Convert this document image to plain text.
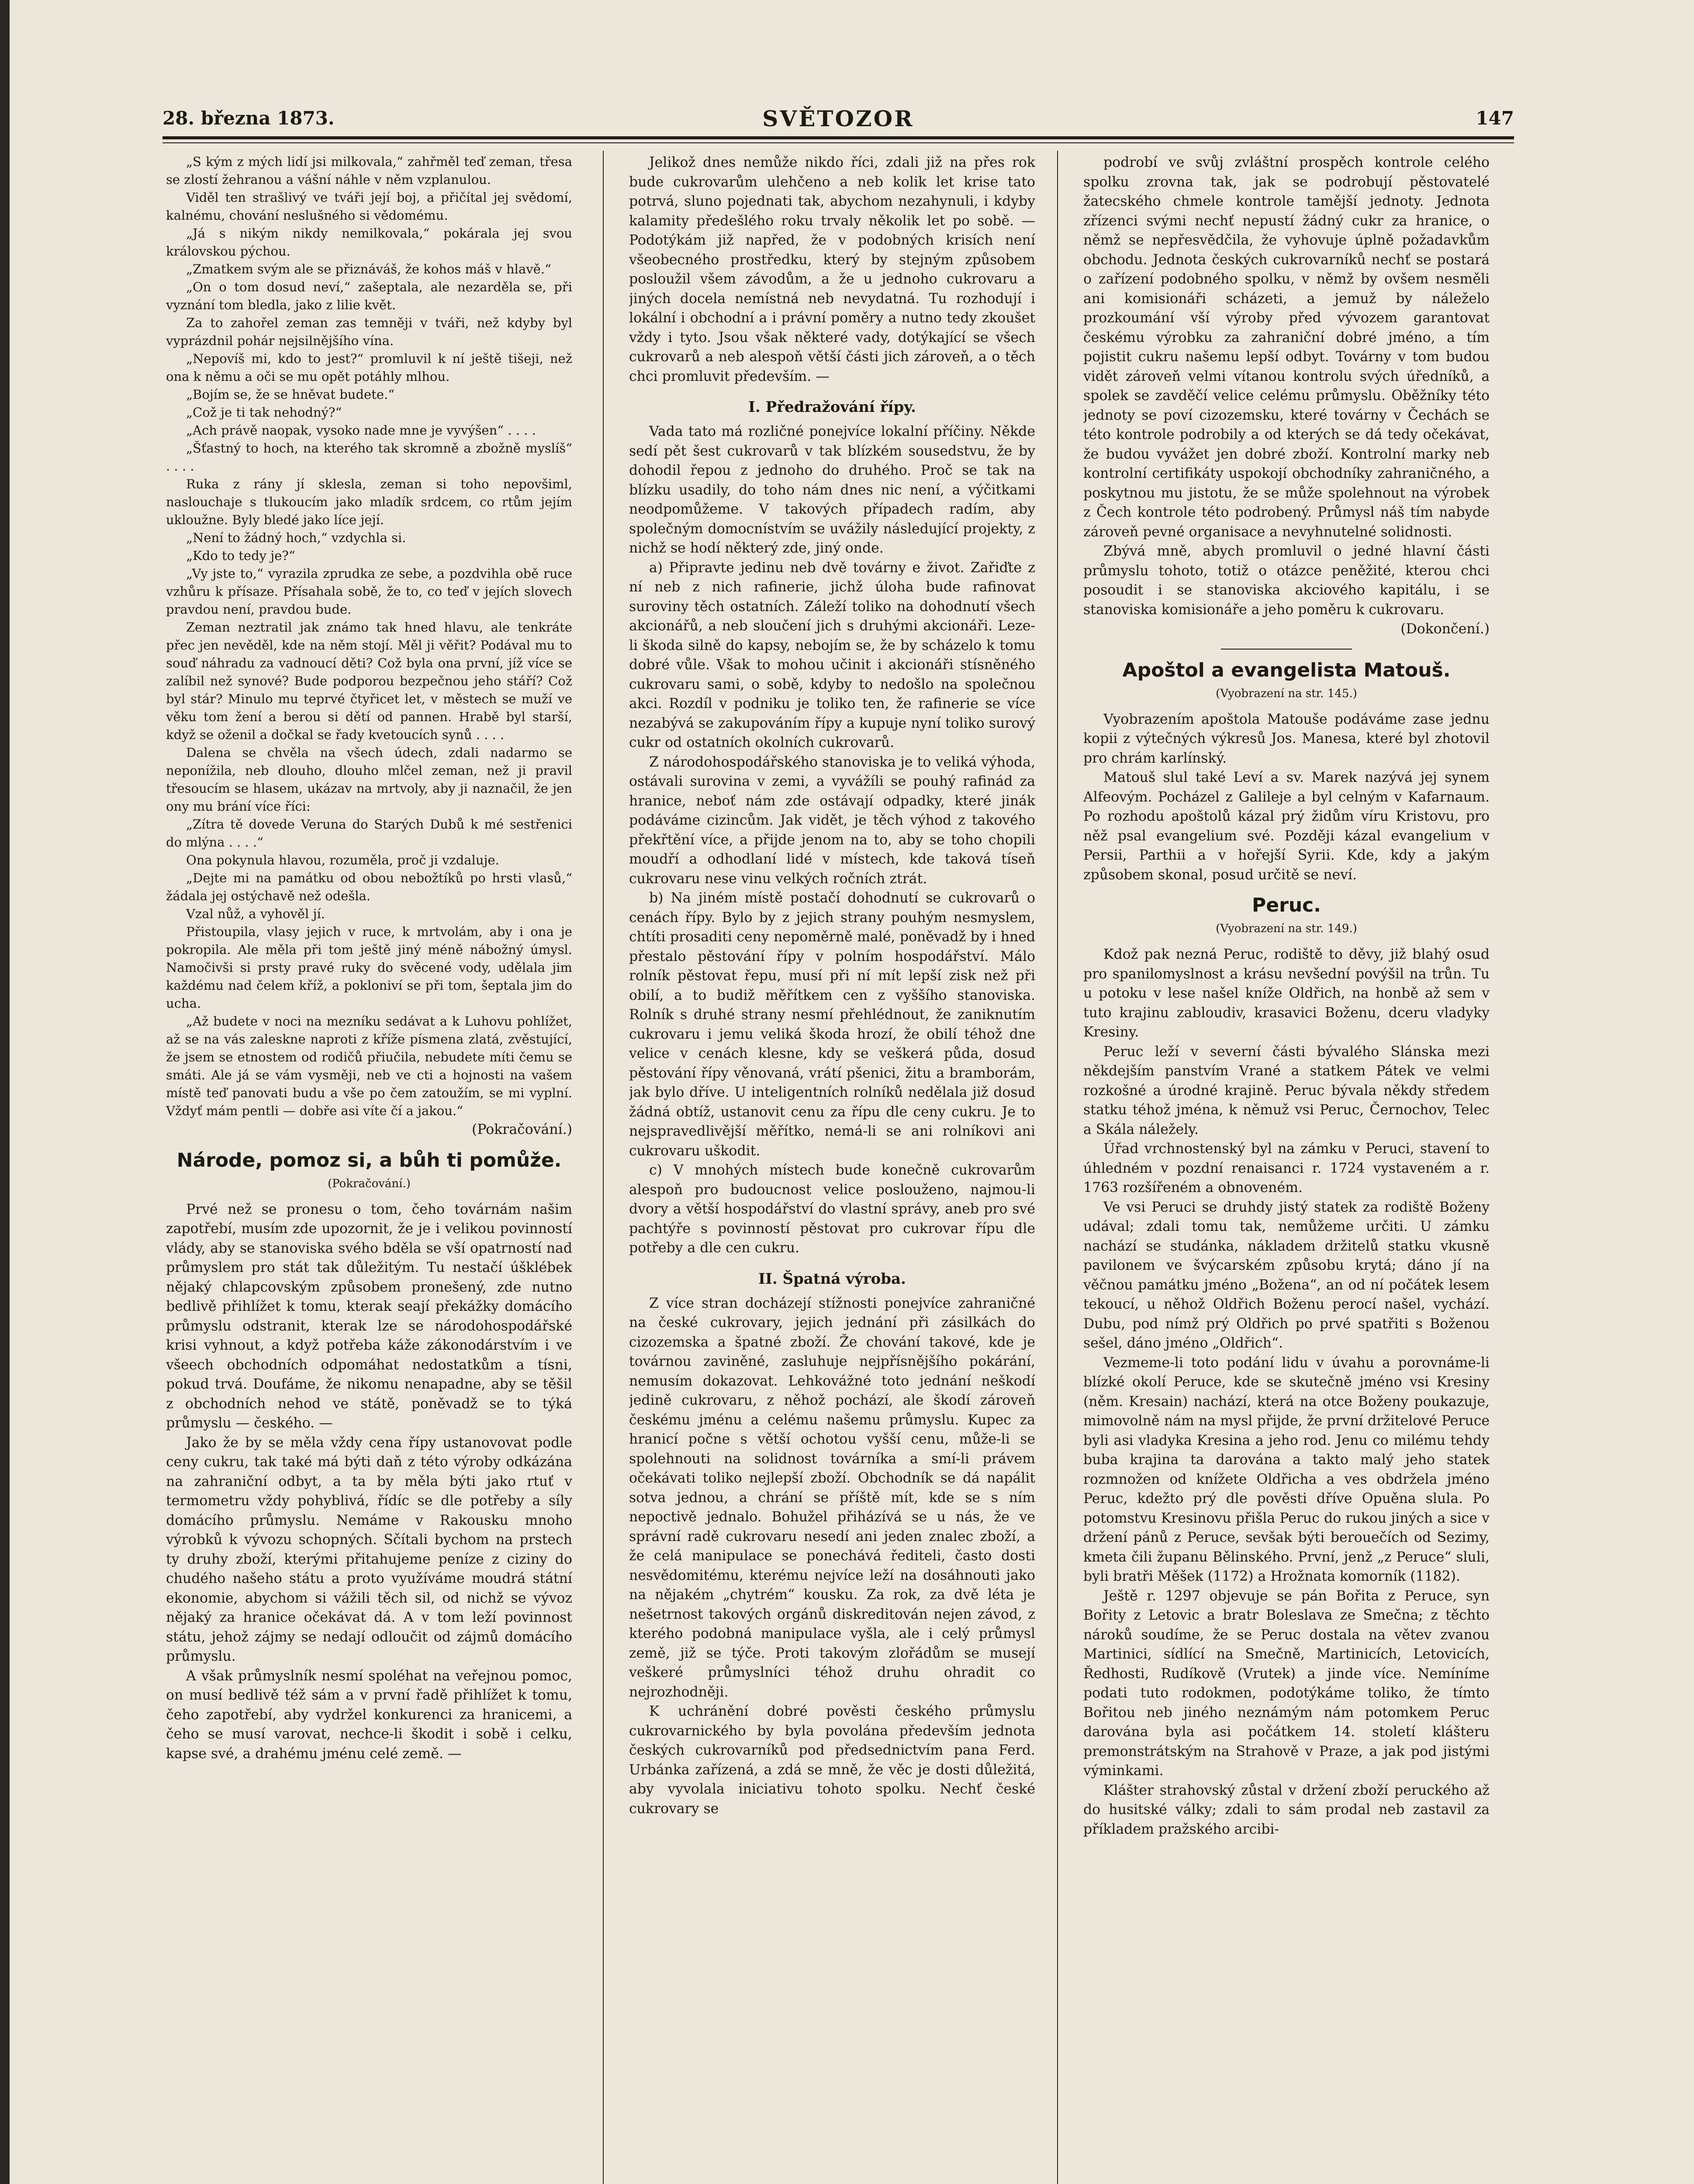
28. března 1873.	SVĚTOZOR	147

„S kým z mých lidí jsi milkovala,“ zahřměl teď zeman, třesa se zlostí žehranou a vášní náhle v něm vzplanulou.

Viděl ten strašlivý ve tváři její boj, a přičítal jej svědomí, kalnému, chování neslušného si vědomému.

„Já s nikým nikdy nemilkovala,“ pokárala jej svou královskou pýchou.

„Zmatkem svým ale se přiznáváš, že kohos máš v hlavě.“

„On o tom dosud neví,“ zašeptala, ale nezarděla se, při vyznání tom bledla, jako z lilie květ.

Za to zahořel zeman zas temněji v tváři, než kdyby byl vyprázdnil pohár nejsilnějšího vína.

„Nepovíš mi, kdo to jest?“ promluvil k ní ještě tišeji, než ona k němu a oči se mu opět potáhly mlhou.

„Bojím se, že se hněvat budete.“

„Což je ti tak nehodný?“

„Ach právě naopak, vysoko nade mne je vyvýšen“ . . . .

„Šťastný to hoch, na kterého tak skromně a zbožně myslíš“ . . . .

Ruka z rány jí sklesla, zeman si toho nepovšiml, naslouchaje s tlukoucím jako mladík srdcem, co rtům jejím ukloužne. Byly bledé jako líce její.

„Není to žádný hoch,“ vzdychla si.

„Kdo to tedy je?“

„Vy jste to,“ vyrazila zprudka ze sebe, a pozdvihla obě ruce vzhůru k přísaze. Přísahala sobě, že to, co teď v jejích slovech pravdou není, pravdou bude.

Zeman neztratil jak známo tak hned hlavu, ale tenkráte přec jen nevěděl, kde na něm stojí. Měl ji věřit? Podával mu to souď náhradu za vadnoucí děti? Což byla ona první, jíž více se zalíbil než synové? Bude podporou bezpečnou jeho stáří? Což byl stár? Minulo mu teprvé čtyřicet let, v městech se muží ve věku tom žení a berou si dětí od pannen. Hrabě byl starší, když se oženil a dočkal se řady kvetoucích synů . . . .

Dalena se chvěla na všech údech, zdali nadarmo se neponížila, neb dlouho, dlouho mlčel zeman, než ji pravil třesoucím se hlasem, ukázav na mrtvoly, aby ji naznačil, že jen ony mu brání více říci:

„Zítra tě dovede Veruna do Starých Dubů k mé sestřenici do mlýna . . . .“

Ona pokynula hlavou, rozuměla, proč ji vzdaluje.

„Dejte mi na památku od obou nebožtíků po hrsti vlasů,“ žádala jej ostýchavě než odešla.

Vzal nůž, a vyhověl jí.

Přistoupila, vlasy jejich v ruce, k mrtvolám, aby i ona je pokropila. Ale měla při tom ještě jiný méně nábožný úmysl. Namočivši si prsty pravé ruky do svěcené vody, udělala jim každému nad čelem kříž, a pokloniví se při tom, šeptala jim do ucha.

„Až budete v noci na mezníku sedávat a k Luhovu pohlížet, až se na vás zaleskne naproti z kříže písmena zlatá, zvěstující, že jsem se etnostem od rodičů přiučila, nebudete míti čemu se smáti. Ale já se vám vysměji, neb ve cti a hojnosti na vašem místě teď panovati budu a vše po čem zatoužím, se mi vyplní. Vždyť mám pentli — dobře asi víte čí a jakou.“

(Pokračování.)
Národe, pomoz si, a bůh ti pomůže.
(Pokračování.)

Prvé než se pronesu o tom, čeho továrnám našim zapotřebí, musím zde upozornit, že je i velikou povinností vlády, aby se stanoviska svého bděla se vší opatrností nad průmyslem pro stát tak důležitým. Tu nestačí úšklébek nějaký chlapcovským způsobem pronešený, zde nutno bedlivě přihlížet k tomu, kterak seají překážky domácího průmyslu odstranit, kterak lze se národohospodářské krisi vyhnout, a když potřeba káže zákonodárstvím i ve všeech obchodních odpomáhat nedostatkům a tísni, pokud trvá. Doufáme, že nikomu nenapadne, aby se těšil z obchodních nehod ve státě, poněvadž se to týká průmyslu — českého. —

Jako že by se měla vždy cena řípy ustanovovat podle ceny cukru, tak také má býti daň z této výroby odkázána na zahraniční odbyt, a ta by měla býti jako rtuť v termometru vždy pohyblivá, řídíc se dle potřeby a síly domácího průmyslu. Nemáme v Rakousku mnoho výrobků k vývozu schopných. Sčítali bychom na prstech ty druhy zboží, kterými přitahujeme peníze z ciziny do chudého našeho státu a proto využíváme moudrá státní ekonomie, abychom si vážili těch sil, od nichž se vývoz nějaký za hranice očekávat dá. A v tom leží povinnost státu, jehož zájmy se nedají odloučit od zájmů domácího průmyslu.

A však průmyslník nesmí spoléhat na veřejnou pomoc, on musí bedlivě též sám a v první řadě přihlížet k tomu, čeho zapotřebí, aby vydržel konkurenci za hranicemi, a čeho se musí varovat, nechce-li škodit i sobě i celku, kapse své, a drahému jménu celé země. —

Jelikož dnes nemůže nikdo říci, zdali již na přes rok bude cukrovarům ulehčeno a neb kolik let krise tato potrvá, sluno pojednati tak, abychom nezahynuli, i kdyby kalamity předešlého roku trvaly několik let po sobě. — Podotýkám již napřed, že v podobných krisích není všeobecného prostředku, který by stejným způsobem posloužil všem závodům, a že u jednoho cukrovaru a jiných docela nemístná neb nevydatná. Tu rozhodují i lokální i obchodní a i právní poměry a nutno tedy zkoušet vždy i tyto. Jsou však některé vady, dotýkající se všech cukrovarů a neb alespoň větší části jich zároveň, a o těch chci promluvit především. —

I. Předražování řípy.

Vada tato má rozličné ponejvíce lokalní příčiny. Někde sedí pět šest cukrovarů v tak blízkém sousedstvu, že by dohodil řepou z jednoho do druhého. Proč se tak na blízku usadily, do toho nám dnes nic není, a výčitkami neodpomůžeme. V takových případech radím, aby společným domocnístvím se uvážily následující projekty, z nichž se hodí některý zde, jiný onde.

a) Připravte jedinu neb dvě továrny e život. Zařiďte z ní neb z nich rafinerie, jichž úloha bude rafinovat suroviny těch ostatních. Záleží toliko na dohodnutí všech akcionářů, a neb sloučení jich s druhými akcionáři. Leze-li škoda silně do kapsy, nebojím se, že by scházelo k tomu dobré vůle. Však to mohou učinit i akcionáři stísněného cukrovaru sami, o sobě, kdyby to nedošlo na společnou akci. Rozdíl v podniku je toliko ten, že rafinerie se více nezabývá se zakupováním řípy a kupuje nyní toliko surový cukr od ostatních okolních cukrovarů.

Z národohospodářského stanoviska je to veliká výhoda, ostávali surovina v zemi, a vyvážíli se pouhý rafinád za hranice, neboť nám zde ostávají odpadky, které jinák podáváme cizincům. Jak vidět, je těch výhod z takového překřtění více, a přijde jenom na to, aby se toho chopili moudří a odhodlaní lidé v místech, kde taková tíseň cukrovaru nese vinu velkých ročních ztrát.

b) Na jiném místě postačí dohodnutí se cukrovarů o cenách řípy. Bylo by z jejich strany pouhým nesmyslem, chtíti prosaditi ceny nepoměrně malé, poněvadž by i hned přestalo pěstování řípy v polním hospodářství. Málo rolník pěstovat řepu, musí při ní mít lepší zisk než při obilí, a to budiž měřítkem cen z vyššího stanoviska. Rolník s druhé strany nesmí přehlédnout, že zaniknutím cukrovaru i jemu veliká škoda hrozí, že obilí téhož dne velice v cenách klesne, kdy se veškerá půda, dosud pěstování řípy věnovaná, vrátí pšenici, žitu a bramborám, jak bylo dříve. U inteligentních rolníků nedělala již dosud žádná obtíž, ustanovit cenu za řípu dle ceny cukru. Je to nejspravedlivější měřítko, nemá-li se ani rolníkovi ani cukrovaru uškodit.

c) V mnohých místech bude konečně cukrovarům alespoň pro budoucnost velice poslouženo, najmou-li dvory a větší hospodářství do vlastní správy, aneb pro své pachtýře s povinností pěstovat pro cukrovar řípu dle potřeby a dle cen cukru.

II. Špatná výroba.

Z více stran docházejí stížnosti ponejvíce zahraničné na české cukrovary, jejich jednání při zásilkách do cizozemska a špatné zboží. Že chování takové, kde je továrnou zaviněné, zasluhuje nejpřísnějšího pokárání, nemusím dokazovat. Lehkovážné toto jednání neškodí jedině cukrovaru, z něhož pochází, ale škodí zároveň českému jménu a celému našemu průmyslu. Kupec za hranicí počne s větší ochotou vyšší cenu, může-li se spolehnouti na solidnost továrníka a smí-li právem očekávati toliko nejlepší zboží. Obchodník se dá napálit sotva jednou, a chrání se příště mít, kde se s ním nepoctivě jednalo. Bohužel přiházívá se u nás, že ve správní radě cukrovaru nesedí ani jeden znalec zboží, a že celá manipulace se ponechává řediteli, často dosti nesvědomitému, kterému nejvíce leží na dosáhnouti jako na nějakém „chytrém“ kousku. Za rok, za dvě léta je nešetrnost takových orgánů diskreditován nejen závod, z kterého podobná manipulace vyšla, ale i celý průmysl země, již se týče. Proti takovým zlořádům se musejí veškeré průmyslníci téhož druhu ohradit co nejrozhodněji.

K uchránění dobré pověsti českého průmyslu cukrovarnického by byla povolána především jednota českých cukrovarníků pod předsednictvím pana Ferd. Urbánka zařízená, a zdá se mně, že věc je dosti důležitá, aby vyvolala iniciativu tohoto spolku. Nechť české cukrovary se

podrobí ve svůj zvláštní prospěch kontrole celého spolku zrovna tak, jak se podrobují pěstovatelé žatecského chmele kontrole tamější jednoty. Jednota zřízenci svými nechť nepustí žádný cukr za hranice, o němž se nepřesvědčila, že vyhovuje úplně požadavkům obchodu. Jednota českých cukrovarníků nechť se postará o zařízení podobného spolku, v němž by ovšem nesměli ani komisionáři scházeti, a jemuž by náleželo prozkoumání vší výroby před vývozem garantovat českému výrobku za zahraniční dobré jméno, a tím pojistit cukru našemu lepší odbyt. Továrny v tom budou vidět zároveň velmi vítanou kontrolu svých úředníků, a spolek se zavděčí velice celému průmyslu. Oběžníky této jednoty se poví cizozemsku, které továrny v Čechách se této kontrole podrobily a od kterých se dá tedy očekávat, že budou vyvážet jen dobré zboží. Kontrolní marky neb kontrolní certifikáty uspokojí obchodníky zahraničného, a poskytnou mu jistotu, že se může spolehnout na výrobek z Čech kontrole této podrobený. Průmysl náš tím nabyde zároveň pevné organisace a nevyhnutelné solidnosti.

Zbývá mně, abych promluvil o jedné hlavní části průmyslu tohoto, totiž o otázce peněžité, kterou chci posoudit i se stanoviska akciového kapitálu, i se stanoviska komisionáře a jeho poměru k cukrovaru.

(Dokončení.)
Apoštol a evangelista Matouš.
(Vyobrazení na str. 145.)

Vyobrazením apoštola Matouše podáváme zase jednu kopii z výtečných výkresů Jos. Manesa, které byl zhotovil pro chrám karlínský.

Matouš slul také Leví a sv. Marek nazývá jej synem Alfeovým. Pocházel z Galileje a byl celným v Kafarnaum. Po rozhodu apoštolů kázal prý židům víru Kristovu, pro něž psal evangelium své. Později kázal evangelium v Persii, Parthii a v hořejší Syrii. Kde, kdy a jakým způsobem skonal, posud určitě se neví.

Peruc.
(Vyobrazení na str. 149.)

Kdož pak nezná Peruc, rodiště to děvy, již blahý osud pro spanilomyslnost a krásu nevšední povýšil na trůn. Tu u potoku v lese našel kníže Oldřich, na honbě až sem v tuto krajinu zabloudiv, krasavici Boženu, dceru vladyky Kresiny.

Peruc leží v severní části bývalého Slánska mezi někdejším panstvím Vrané a statkem Pátek ve velmi rozkošné a úrodné krajině. Peruc bývala někdy středem statku téhož jména, k němuž vsi Peruc, Černochov, Telec a Skála náležely.

Úřad vrchnostenský byl na zámku v Peruci, stavení to úhledném v pozdní renaisanci r. 1724 vystaveném a r. 1763 rozšířeném a obnoveném.

Ve vsi Peruci se druhdy jistý statek za rodiště Boženy udával; zdali tomu tak, nemůžeme určiti. U zámku nachází se studánka, nákladem držitelů statku vkusně pavilonem ve švýcarském způsobu krytá; dáno jí na věčnou památku jméno „Božena“, an od ní počátek lesem tekoucí, u něhož Oldřich Boženu perocí našel, vychází. Dubu, pod nímž prý Oldřich po prvé spatřiti s Boženou sešel, dáno jméno „Oldřich“.

Vezmeme-li toto podání lidu v úvahu a porovnáme-li blízké okolí Peruce, kde se skutečně jméno vsi Kresiny (něm. Kresain) nachází, která na otce Boženy poukazuje, mimovolně nám na mysl přijde, že první držitelové Peruce byli asi vladyka Kresina a jeho rod. Jenu co milému tehdy buba krajina ta darována a takto malý jeho statek rozmnožen od knížete Oldřicha a ves obdržela jméno Peruc, kdežto prý dle pověsti dříve Opuěna slula. Po potomstvu Kresinovu přišla Peruc do rukou jiných a sice v držení pánů z Peruce, sevšak býti berouečích od Sezimy, kmeta čili županu Bělinského. První, jenž „z Peruce“ sluli, byli bratři Měšek (1172) a Hrožnata komorník (1182).

Ještě r. 1297 objevuje se pán Bořita z Peruce, syn Bořity z Letovic a bratr Boleslava ze Smečna; z těchto nároků soudíme, že se Peruc dostala na větev zvanou Martinici, sídlící na Smečně, Martinicích, Letovicích, Ředhosti, Rudíkově (Vrutek) a jinde více. Nemíníme podati tuto rodokmen, podotýkáme toliko, že tímto Bořitou neb jiného neznámým nám potomkem Peruc darována byla asi počátkem 14. století klášteru premonstrátským na Strahově v Praze, a jak pod jistými výminkami.

Klášter strahovský zůstal v držení zboží peruckého až do husitské války; zdali to sám prodal neb zastavil za příkladem pražského arcibi-
